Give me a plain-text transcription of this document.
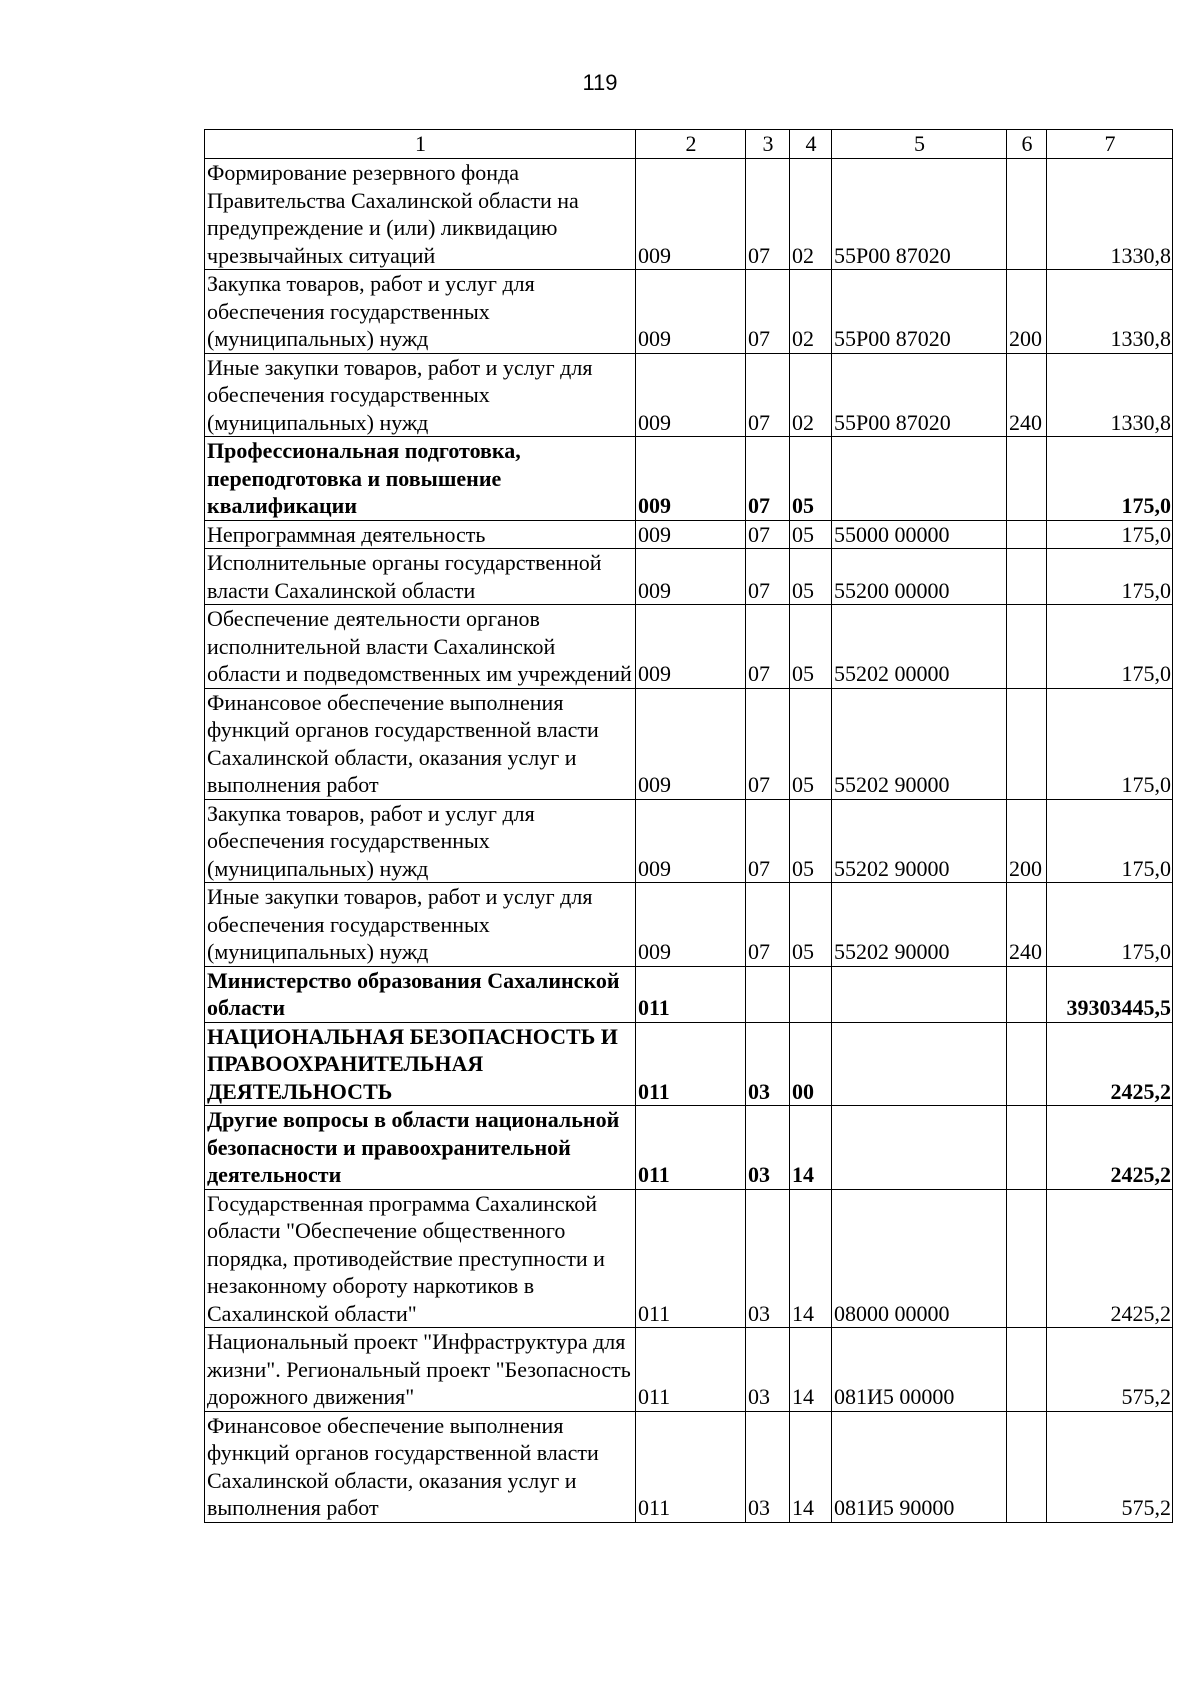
119
1	2	3	4	5	6	7
Формирование резервного фонда Правительства Сахалинской области на предупреждение и (или) ликвидацию чрезвычайных ситуаций	009	07	02	55Р00 87020		1330,8
Закупка товаров, работ и услуг для обеспечения государственных (муниципальных) нужд	009	07	02	55Р00 87020	200	1330,8
Иные закупки товаров, работ и услуг для обеспечения государственных (муниципальных) нужд	009	07	02	55Р00 87020	240	1330,8
Профессиональная подготовка, переподготовка и повышение квалификации	009	07	05			175,0
Непрограммная деятельность	009	07	05	55000 00000		175,0
Исполнительные органы государственной власти Сахалинской области	009	07	05	55200 00000		175,0
Обеспечение деятельности органов исполнительной власти Сахалинской области и подведомственных им учреждений	009	07	05	55202 00000		175,0
Финансовое обеспечение выполнения функций органов государственной власти Сахалинской области, оказания услуг и выполнения работ	009	07	05	55202 90000		175,0
Закупка товаров, работ и услуг для обеспечения государственных (муниципальных) нужд	009	07	05	55202 90000	200	175,0
Иные закупки товаров, работ и услуг для обеспечения государственных (муниципальных) нужд	009	07	05	55202 90000	240	175,0
Министерство образования Сахалинской области	011					39303445,5
НАЦИОНАЛЬНАЯ БЕЗОПАСНОСТЬ И ПРАВООХРАНИТЕЛЬНАЯ ДЕЯТЕЛЬНОСТЬ	011	03	00			2425,2
Другие вопросы в области национальной безопасности и правоохранительной деятельности	011	03	14			2425,2
Государственная программа Сахалинской области "Обеспечение общественного порядка, противодействие преступности и незаконному обороту наркотиков в Сахалинской области"	011	03	14	08000 00000		2425,2
Национальный проект "Инфраструктура для жизни". Региональный проект "Безопасность дорожного движения"	011	03	14	081И5 00000		575,2
Финансовое обеспечение выполнения функций органов государственной власти Сахалинской области, оказания услуг и выполнения работ	011	03	14	081И5 90000		575,2
